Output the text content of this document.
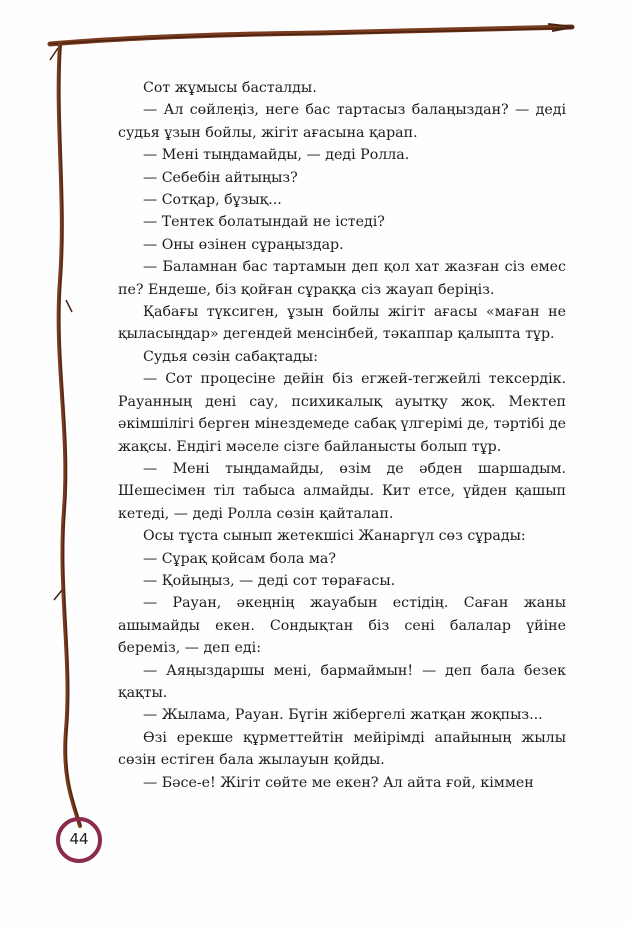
Сот жұмысы басталды.

— Ал сөйлеңіз, неге бас тартасыз балаңыздан? — деді судья ұзын бойлы, жігіт ағасына қарап.

— Мені тыңдамайды, — деді Ролла.

— Себебін айтыңыз?

— Сотқар, бұзық...

— Тентек болатындай не істеді?

— Оны өзінен сұраңыздар.

— Баламнан бас тартамын деп қол хат жазған сіз емес пе? Ендеше, біз қойған сұраққа сіз жауап беріңіз.

Қабағы түксиген, ұзын бойлы жігіт ағасы «маған не қыласыңдар» дегендей менсінбей, тәкаппар қалыпта тұр.

Судья сөзін сабақтады:

— Сот процесіне дейін біз егжей-тегжейлі тексердік. Рауанның дені сау, психикалық ауытқу жоқ. Мектеп әкімшілігі берген мінездемеде сабақ үлгерімі де, тәртібі де жақсы. Ендігі мәселе сізге байланысты болып тұр.

— Мені тыңдамайды, өзім де әбден шаршадым. Шешесімен тіл табыса алмайды. Кит етсе, үйден қашып кетеді, — деді Ролла сөзін қайталап.

Осы тұста сынып жетекшісі Жанаргүл сөз сұрады:

— Сұрақ қойсам бола ма?

— Қойыңыз, — деді сот төрағасы.

— Рауан, әкеңнің жауабын естідің. Саған жаны ашымайды екен. Сондықтан біз сені балалар үйіне береміз, — деп еді:

— Аяңыздаршы мені, бармаймын! — деп бала безек қақты.

— Жылама, Рауан. Бүгін жібергелі жатқан жоқпыз...

Өзі ерекше құрметтейтін мейірімді апайының жылы сөзін естіген бала жылауын қойды.

— Бәсе-е! Жігіт сөйте ме екен? Ал айта ғой, кіммен

44
